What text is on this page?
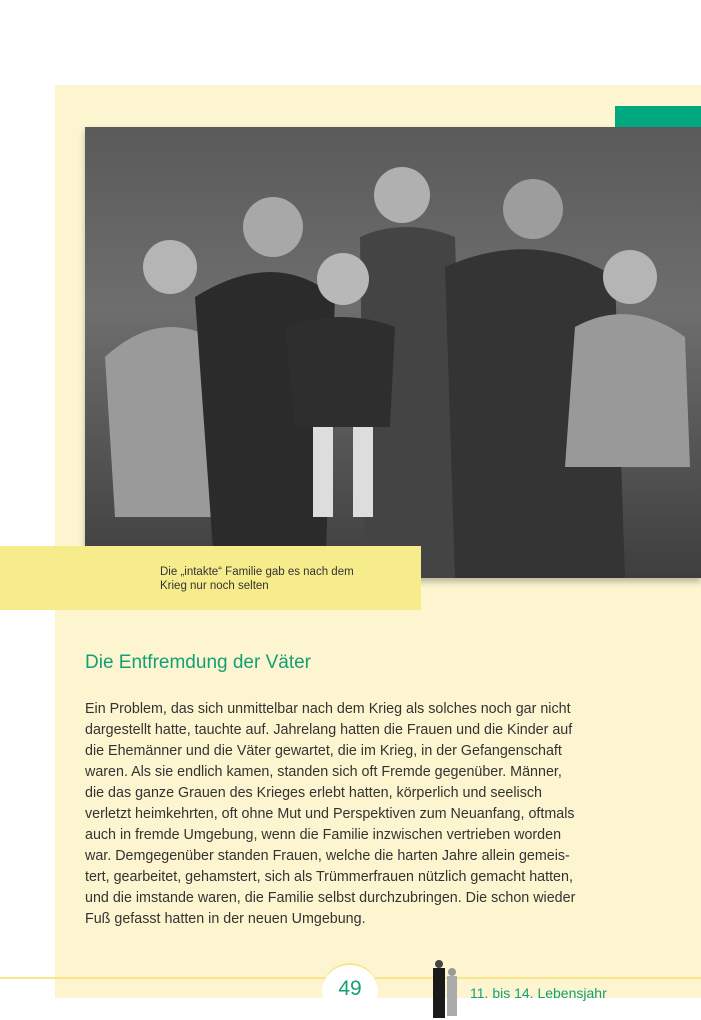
Die „intakte“ Familie gab es nach dem
Krieg nur noch selten

Die Entfremdung der Väter

Ein Problem, das sich unmittelbar nach dem Krieg als solches noch gar nicht
dargestellt hatte, tauchte auf. Jahrelang hatten die Frauen und die Kinder auf
die Ehemänner und die Väter gewartet, die im Krieg, in der Gefangenschaft
waren. Als sie endlich kamen, standen sich oft Fremde gegenüber. Männer,
die das ganze Grauen des Krieges erlebt hatten, körperlich und seelisch
verletzt heimkehrten, oft ohne Mut und Perspektiven zum Neuanfang, oftmals
auch in fremde Umgebung, wenn die Familie inzwischen vertrieben worden
war. Demgegenüber standen Frauen, welche die harten Jahre allein gemeis-
tert, gearbeitet, gehamstert, sich als Trümmerfrauen nützlich gemacht hatten,
und die imstande waren, die Familie selbst durchzubringen. Die schon wieder
Fuß gefasst hatten in der neuen Umgebung.

49	11. bis 14. Lebensjahr
